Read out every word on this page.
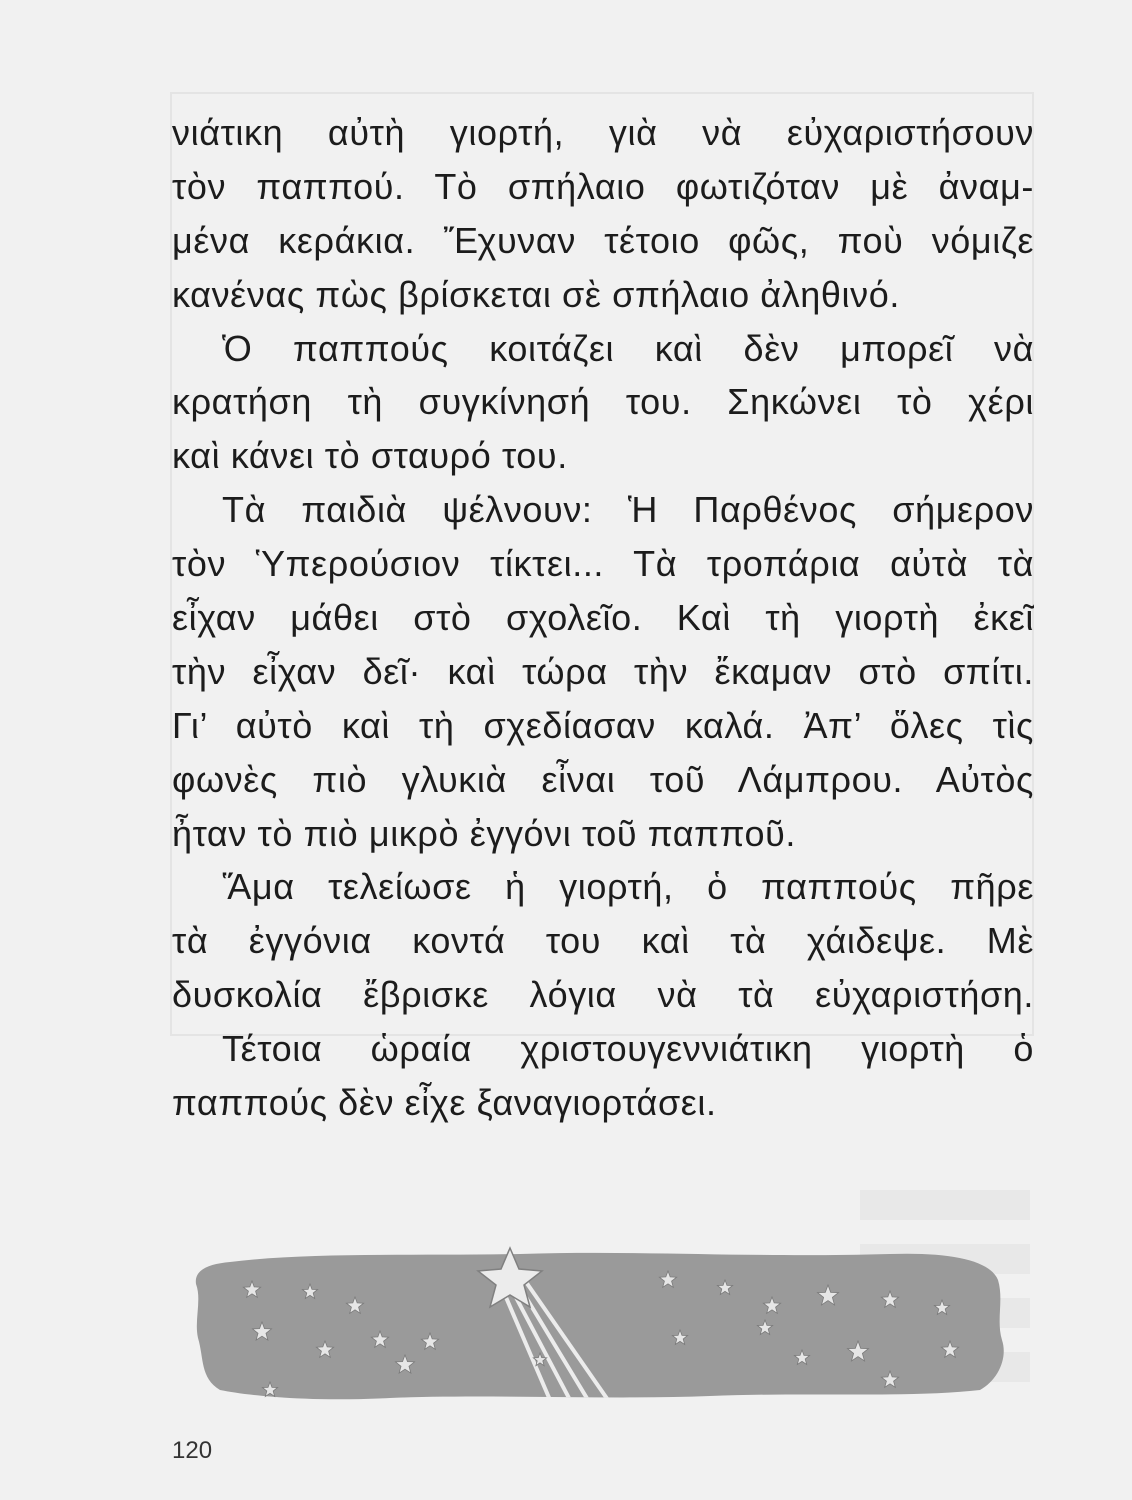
νιάτικη αὐτὴ γιορτή, γιὰ νὰ εὐχαριστήσουν
τὸν παππού. Τὸ σπήλαιο φωτιζόταν μὲ ἀναμ-
μένα κεράκια. Ἔχυναν τέτοιο φῶς, ποὺ νόμιζε
κανένας πὼς βρίσκεται σὲ σπήλαιο ἀληθινό.
Ὁ παππούς κοιτάζει καὶ δὲν μπορεῖ νὰ
κρατήση τὴ συγκίνησή του. Σηκώνει τὸ χέρι
καὶ κάνει τὸ σταυρό του.
Τὰ παιδιὰ ψέλνουν: Ἡ Παρθένος σήμερον
τὸν Ὑπερούσιον τίκτει... Τὰ τροπάρια αὐτὰ τὰ
εἶχαν μάθει στὸ σχολεῖο. Καὶ τὴ γιορτὴ ἐκεῖ
τὴν εἶχαν δεῖ· καὶ τώρα τὴν ἔκαμαν στὸ σπίτι.
Γι’ αὐτὸ καὶ τὴ σχεδίασαν καλά. Ἀπ’ ὅλες τὶς
φωνὲς πιὸ γλυκιὰ εἶναι τοῦ Λάμπρου. Αὐτὸς
ἦταν τὸ πιὸ μικρὸ ἐγγόνι τοῦ παπποῦ.
Ἅμα τελείωσε ἡ γιορτή, ὁ παππούς πῆρε
τὰ ἐγγόνια κοντά του καὶ τὰ χάιδεψε. Μὲ
δυσκολία ἔβρισκε λόγια νὰ τὰ εὐχαριστήση.
Τέτοια ὡραία χριστουγεννιάτικη γιορτὴ ὁ
παππούς δὲν εἶχε ξαναγιορτάσει.
120
